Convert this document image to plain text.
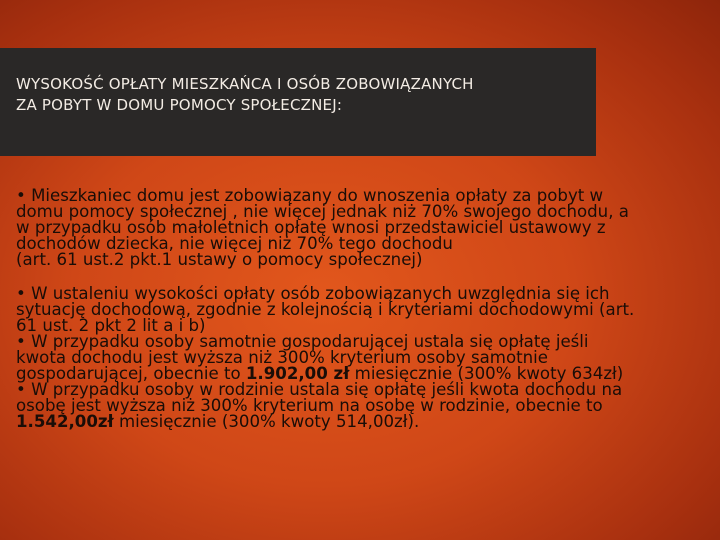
WYSOKOŚĆ OPŁATY MIESZKAŃCA I OSÓB ZOBOWIĄZANYCH
ZA POBYT W DOMU POMOCY SPOŁECZNEJ:

• Mieszkaniec domu jest zobowiązany do wnoszenia opłaty za pobyt w
domu pomocy społecznej , nie więcej jednak niż 70% swojego dochodu, a
w przypadku osób małoletnich opłatę wnosi przedstawiciel ustawowy z
dochodów dziecka, nie więcej niż 70% tego dochodu
(art. 61 ust.2 pkt.1 ustawy o pomocy społecznej)

• W ustaleniu wysokości opłaty osób zobowiązanych uwzględnia się ich
sytuację dochodową, zgodnie z kolejnością i kryteriami dochodowymi (art.
61 ust. 2 pkt 2 lit a i b)

• W przypadku osoby samotnie gospodarującej ustala się opłatę jeśli
kwota dochodu jest wyższa niż 300% kryterium osoby samotnie
gospodarującej, obecnie to 1.902,00 zł miesięcznie (300% kwoty 634zł)

• W przypadku osoby w rodzinie ustala się opłatę jeśli kwota dochodu na
osobę jest wyższa niż 300% kryterium na osobę w rodzinie, obecnie to
1.542,00zł miesięcznie (300% kwoty 514,00zł).
